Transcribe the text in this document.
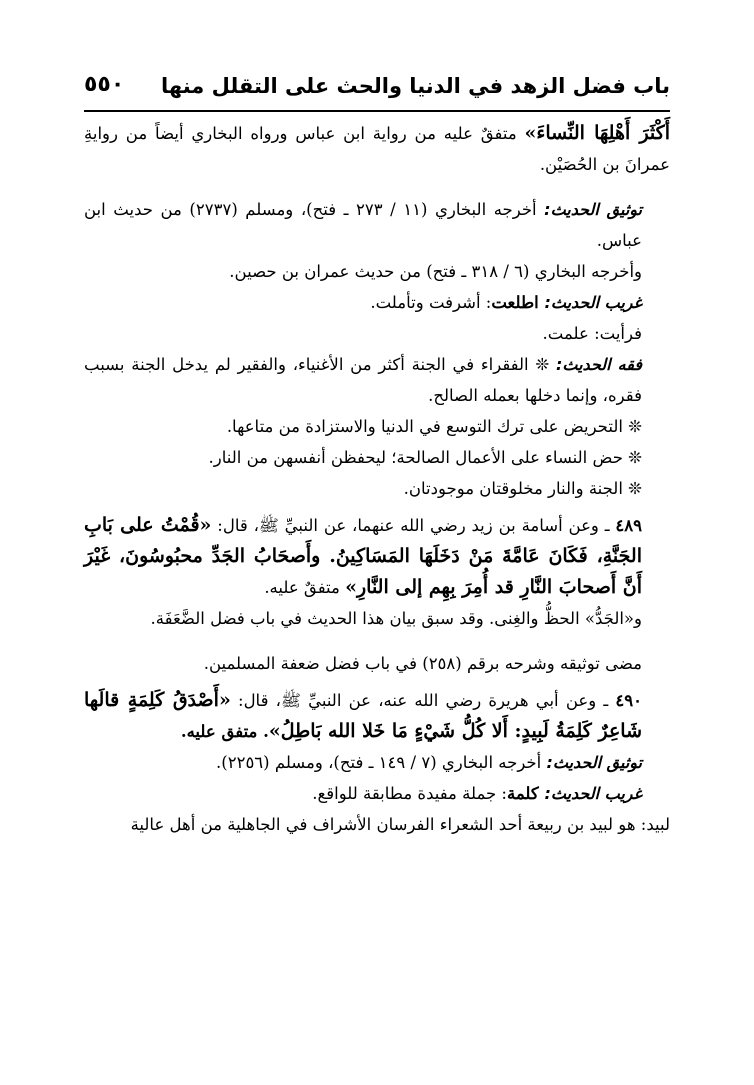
باب فضل الزهد في الدنيا والحث على التقلل منها
٥٥٠

أَكْثَرَ أَهْلِهَا النِّساءَ» متفقٌ عليه من رواية ابن عباس ورواه البخاري أيضاً من روايةِ عمرانَ بن الحُصَيْن.

توثيق الحديث: أخرجه البخاري (١١ / ٢٧٣ ـ فتح)، ومسلم (٢٧٣٧) من حديث ابن عباس.

وأخرجه البخاري (٦ / ٣١٨ ـ فتح) من حديث عمران بن حصين.

غريب الحديث: اطلعت: أشرفت وتأملت.

فرأيت: علمت.

فقه الحديث: ❊ الفقراء في الجنة أكثر من الأغنياء، والفقير لم يدخل الجنة بسبب فقره، وإنما دخلها بعمله الصالح.

❊ التحريض على ترك التوسع في الدنيا والاستزادة من متاعها.

❊ حض النساء على الأعمال الصالحة؛ ليحفظن أنفسهن من النار.

❊ الجنة والنار مخلوقتان موجودتان.

٤٨٩ ـ وعن أسامة بن زيد رضي الله عنهما، عن النبيِّ ﷺ، قال: «قُمْتُ على بَابِ الجَنَّةِ، فَكَانَ عَامَّةَ مَنْ دَخَلَهَا المَسَاكِينُ. وأَصحَابُ الجَدِّ محبُوسُونَ، غَيْرَ أَنَّ أَصحابَ النَّارِ قد أُمِرَ بِهِم إلى النَّارِ» متفقٌ عليه.

و«الجَدُّ» الحظُّ والغِنى. وقد سبق بيان هذا الحديث في باب فضل الضَّعَفَة.

مضى توثيقه وشرحه برقم (٢٥٨) في باب فضل ضعفة المسلمين.

٤٩٠ ـ وعن أبي هريرة رضي الله عنه، عن النبيِّ ﷺ، قال: «أَصْدَقُ كَلِمَةٍ قالَها شَاعِرٌ كَلِمَةُ لَبِيدٍ: أَلا كُلُّ شَيْءٍ مَا خَلا الله بَاطِلُ». متفق عليه.

توثيق الحديث: أخرجه البخاري (٧ / ١٤٩ ـ فتح)، ومسلم (٢٢٥٦).

غريب الحديث: كلمة: جملة مفيدة مطابقة للواقع.

لبيد: هو لبيد بن ربيعة أحد الشعراء الفرسان الأشراف في الجاهلية من أهل عالية
